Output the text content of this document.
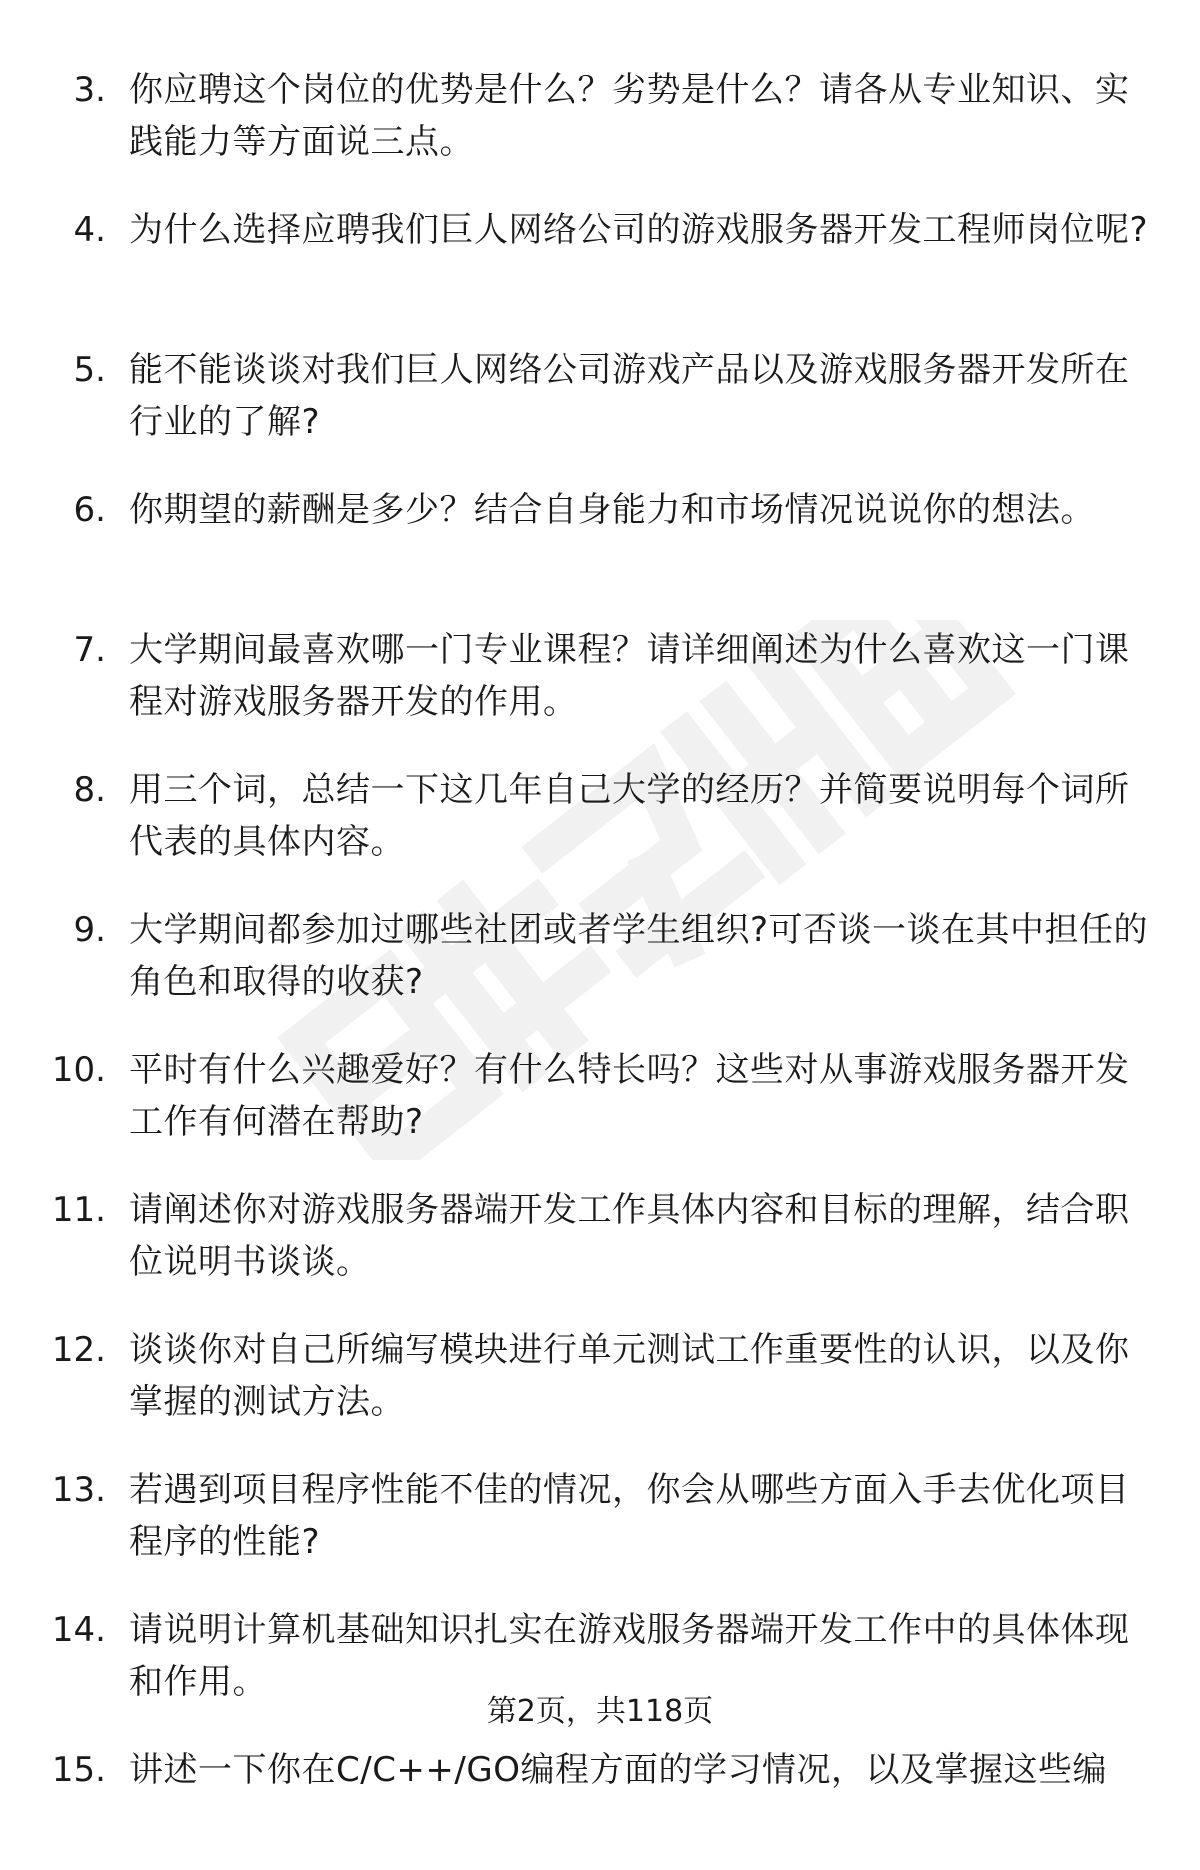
3. 你应聘这个岗位的优势是什么？劣势是什么？请各从专业知识、实践能力等方面说三点。
4. 为什么选择应聘我们巨人网络公司的游戏服务器开发工程师岗位呢?
5. 能不能谈谈对我们巨人网络公司游戏产品以及游戏服务器开发所在行业的了解?
6. 你期望的薪酬是多少？结合自身能力和市场情况说说你的想法。
7. 大学期间最喜欢哪一门专业课程？请详细阐述为什么喜欢这一门课程对游戏服务器开发的作用。
8. 用三个词，总结一下这几年自己大学的经历？并简要说明每个词所代表的具体内容。
9. 大学期间都参加过哪些社团或者学生组织?可否谈一谈在其中担任的角色和取得的收获?
10. 平时有什么兴趣爱好？有什么特长吗？这些对从事游戏服务器开发工作有何潜在帮助?
11. 请阐述你对游戏服务器端开发工作具体内容和目标的理解，结合职位说明书谈谈。
12. 谈谈你对自己所编写模块进行单元测试工作重要性的认识，以及你掌握的测试方法。
13. 若遇到项目程序性能不佳的情况，你会从哪些方面入手去优化项目程序的性能?
14. 请说明计算机基础知识扎实在游戏服务器端开发工作中的具体体现和作用。
15. 讲述一下你在C/C++/GO编程方面的学习情况，以及掌握这些编
第2页，共118页
